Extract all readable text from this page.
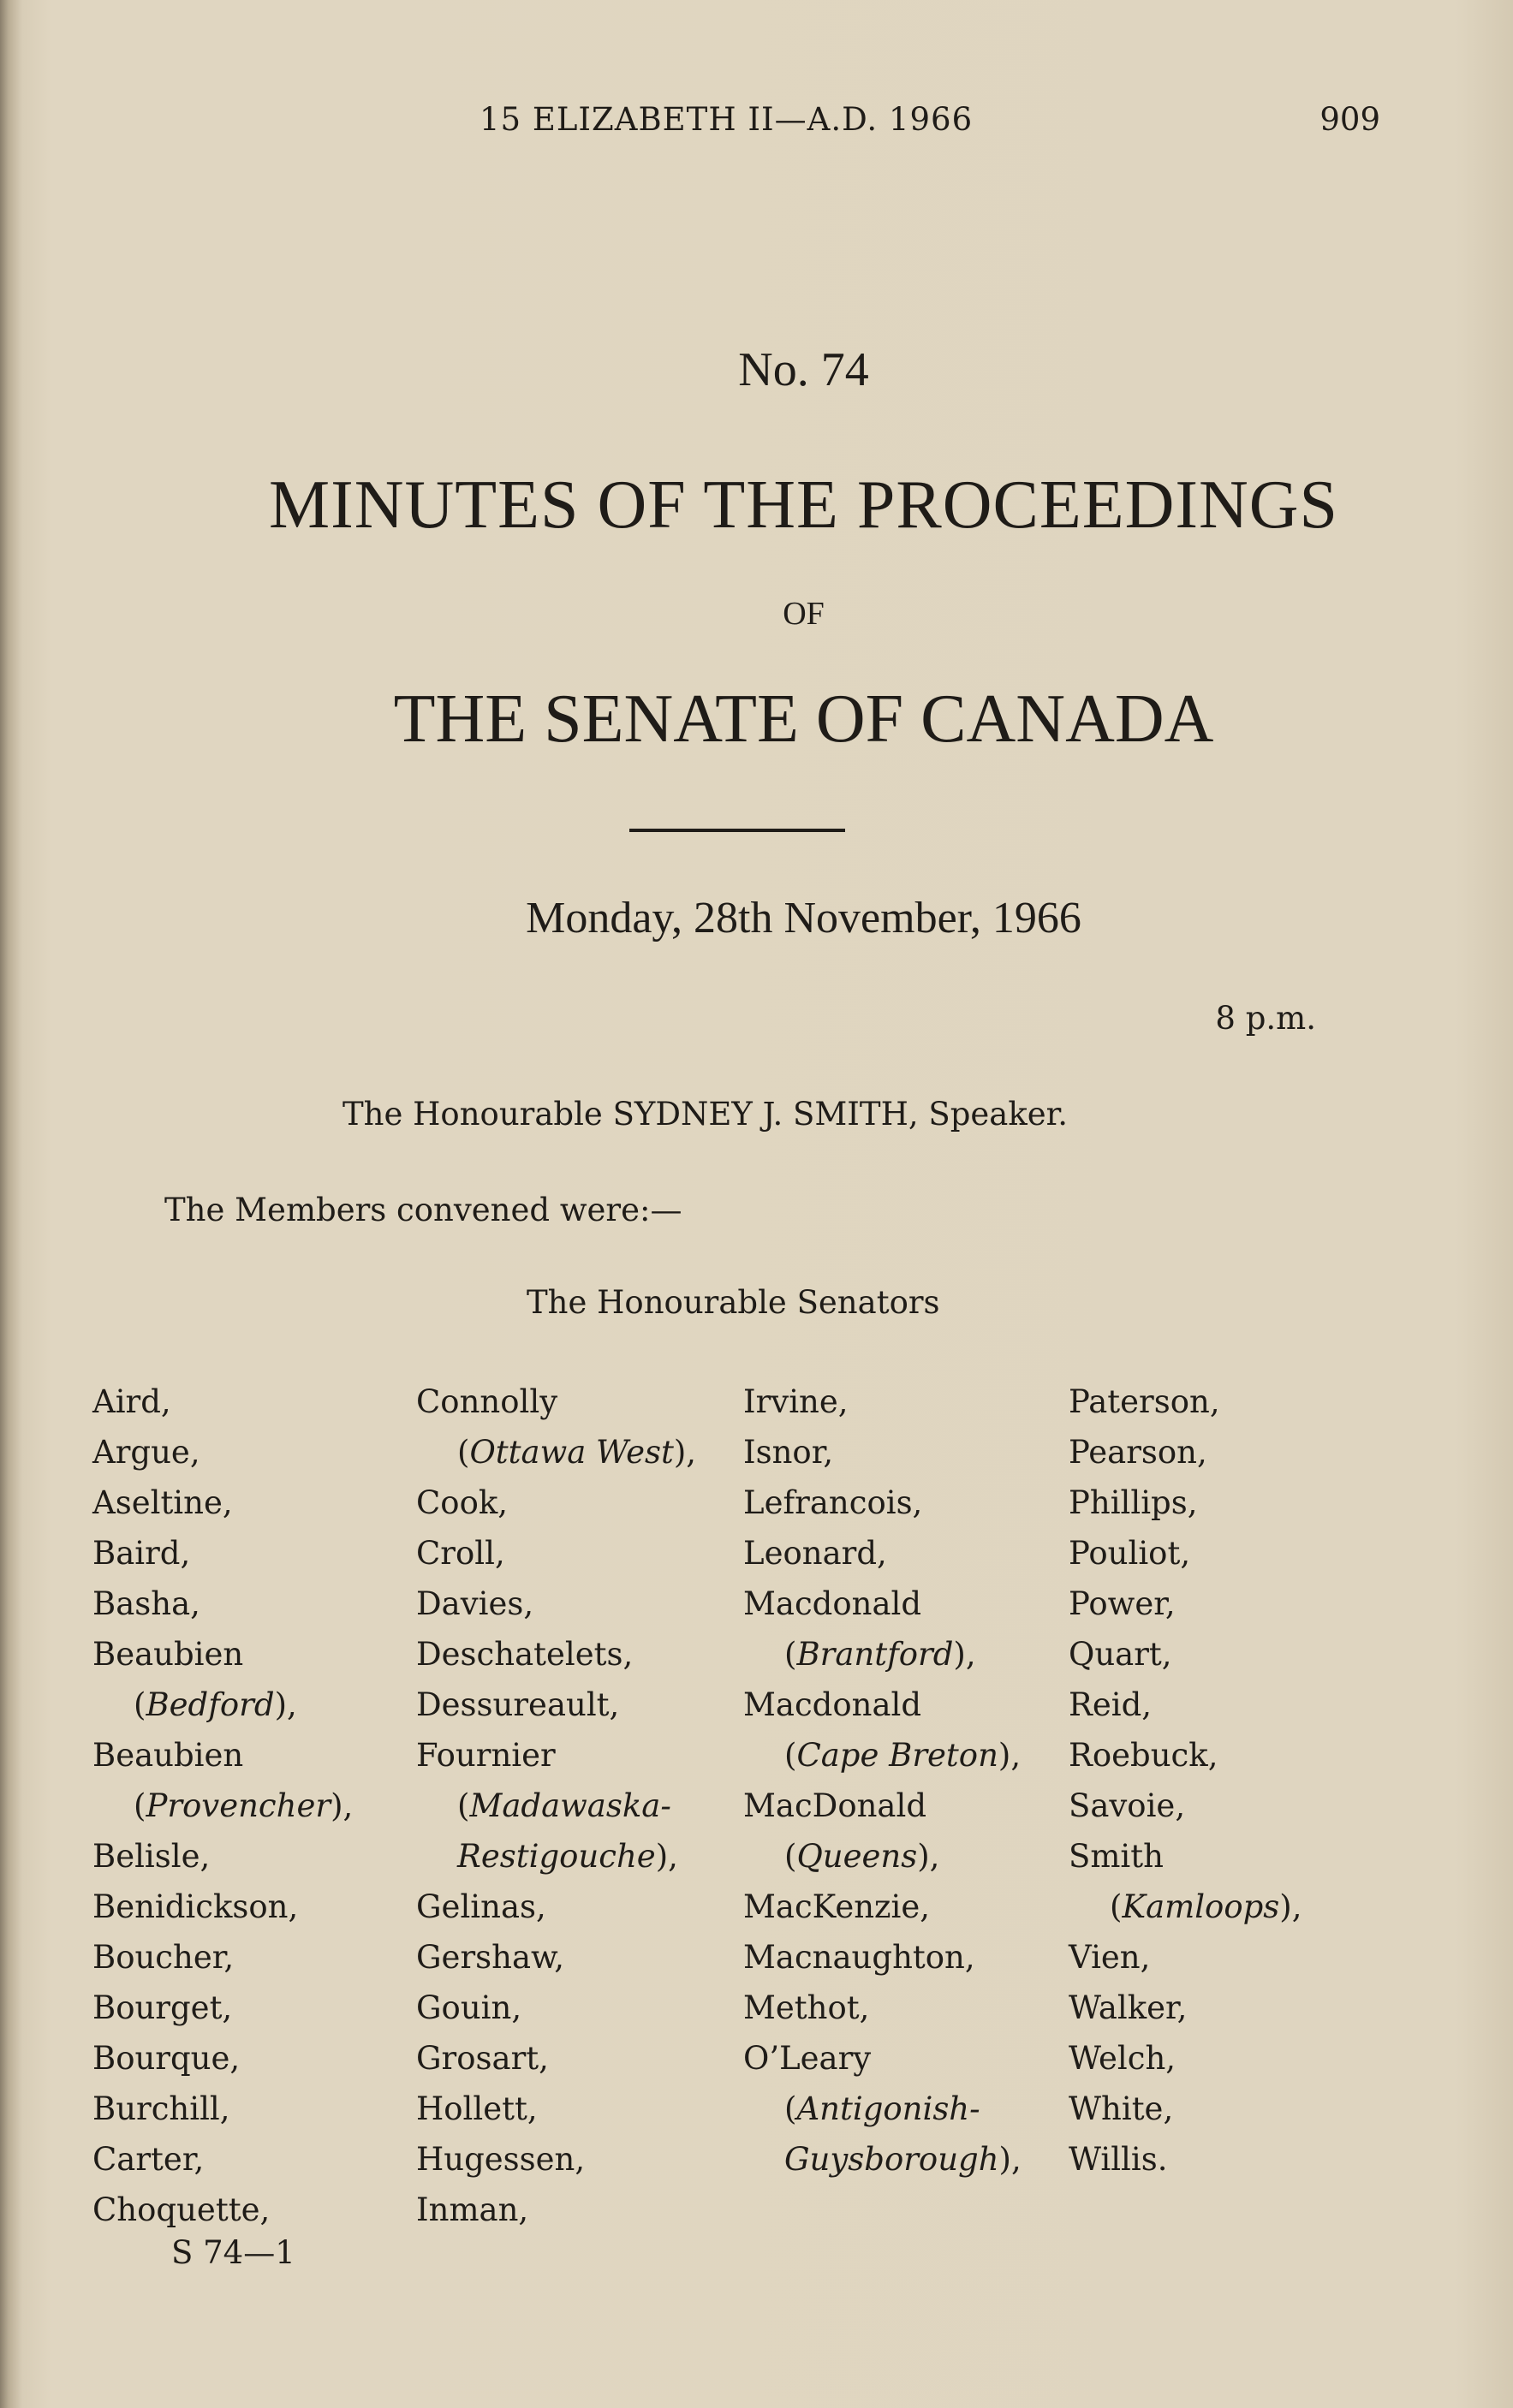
15 ELIZABETH II—A.D. 1966	909
No. 74
MINUTES OF THE PROCEEDINGS
OF
THE SENATE OF CANADA
Monday, 28th November, 1966
8 p.m.
The Honourable SYDNEY J. SMITH, Speaker.
The Members convened were:—
The Honourable Senators
Aird,
Argue,
Aseltine,
Baird,
Basha,
Beaubien
(Bedford),
Beaubien
(Provencher),
Belisle,
Benidickson,
Boucher,
Bourget,
Bourque,
Burchill,
Carter,
Choquette,
Connolly
(Ottawa West),
Cook,
Croll,
Davies,
Deschatelets,
Dessureault,
Fournier
(Madawaska-
Restigouche),
Gelinas,
Gershaw,
Gouin,
Grosart,
Hollett,
Hugessen,
Inman,
Irvine,
Isnor,
Lefrancois,
Leonard,
Macdonald
(Brantford),
Macdonald
(Cape Breton),
MacDonald
(Queens),
MacKenzie,
Macnaughton,
Methot,
O’Leary
(Antigonish-
Guysborough),
Paterson,
Pearson,
Phillips,
Pouliot,
Power,
Quart,
Reid,
Roebuck,
Savoie,
Smith
(Kamloops),
Vien,
Walker,
Welch,
White,
Willis.
S 74—1
